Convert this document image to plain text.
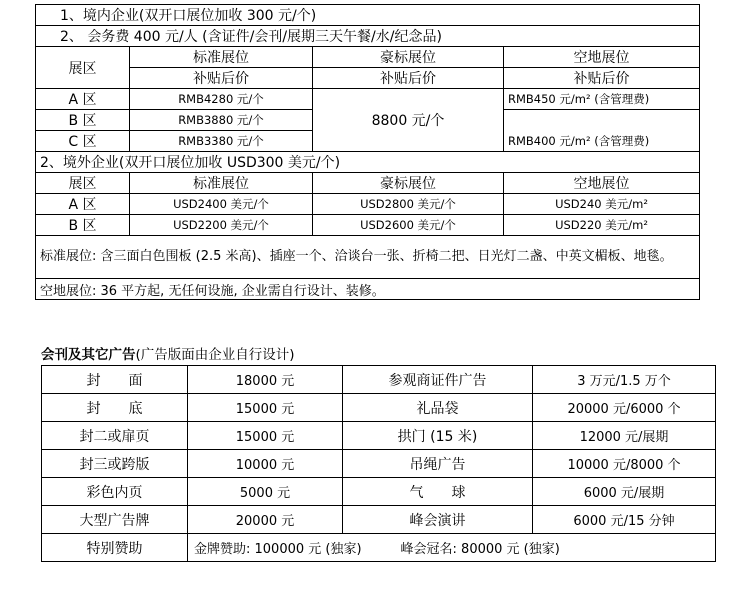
1、境内企业(双开口展位加收 300 元/个)			
2、 会务费 400 元/人 (含证件/会刊/展期三天午餐/水/纪念品)			
展区	标准展位	豪标展位	空地展位
	补贴后价	补贴后价	补贴后价
A 区	RMB4280 元/个	8800 元/个	RMB450 元/m² (含管理费)
B 区	RMB3880 元/个		RMB400 元/m² (含管理费)
C 区	RMB3380 元/个		
2、境外企业(双开口展位加收 USD300 美元/个)			
展区	标准展位	豪标展位	空地展位
A 区	USD2400 美元/个	USD2800 美元/个	USD240 美元/m²
B 区	USD2200 美元/个	USD2600 美元/个	USD220 美元/m²
标准展位: 含三面白色围板 (2.5 米高)、插座一个、洽谈台一张、折椅二把、日光灯二盏、中英文楣板、地毯。			
空地展位: 36 平方起, 无任何设施, 企业需自行设计、装修。			
会刊及其它广告(广告版面由企业自行设计)
封　　面	18000 元	参观商证件广告	3 万元/1.5 万个
封　　底	15000 元	礼品袋	20000 元/6000 个
封二或扉页	15000 元	拱门 (15 米)	12000 元/展期
封三或跨版	10000 元	吊绳广告	10000 元/8000 个
彩色内页	5000 元	气　　球	6000 元/展期
大型广告牌	20000 元	峰会演讲	6000 元/15 分钟
特别赞助	金牌赞助: 100000 元 (独家)　　　峰会冠名: 80000 元 (独家)		
